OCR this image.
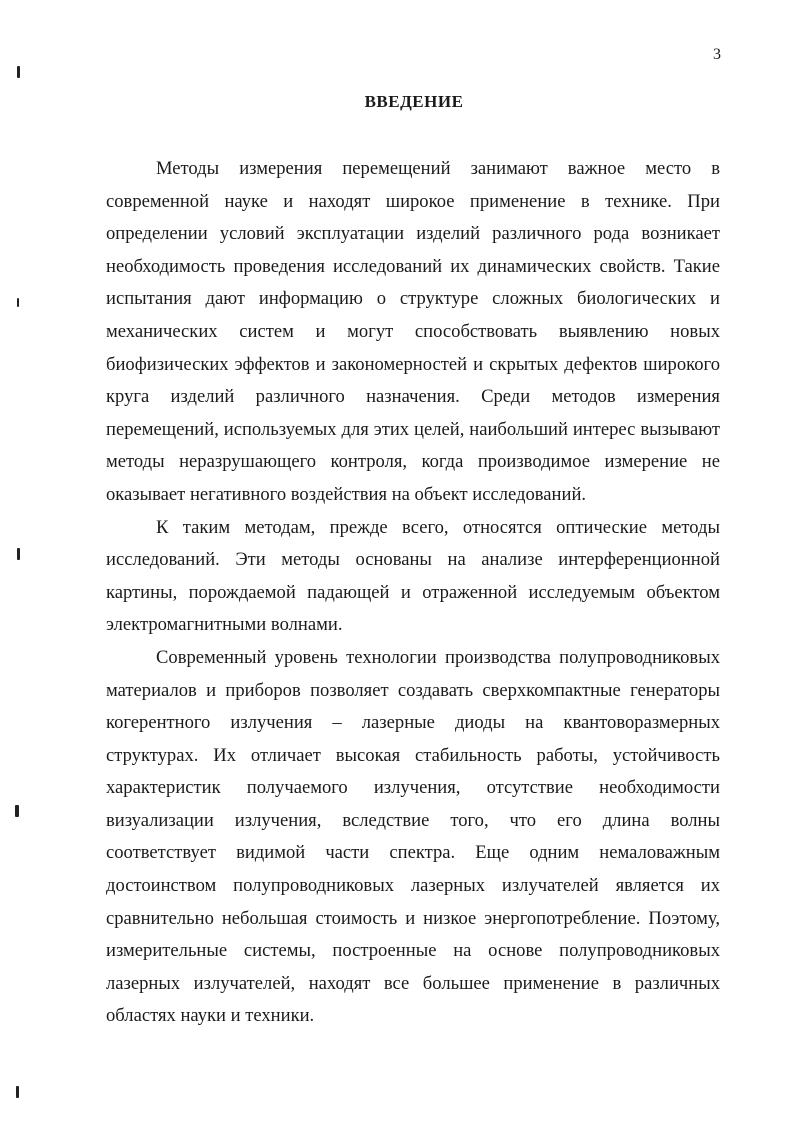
3
ВВЕДЕНИЕ

Методы измерения перемещений занимают важное место в современной науке и находят широкое применение в технике. При определении условий эксплуатации изделий различного рода возникает необходимость проведения исследований их динамических свойств. Такие испытания дают информацию о структуре сложных биологических и механических систем и могут способствовать выявлению новых биофизических эффектов и закономерностей и скрытых дефектов широкого круга изделий различного назначения. Среди методов измерения перемещений, используемых для этих целей, наибольший интерес вызывают методы неразрушающего контроля, когда производимое измерение не оказывает негативного воздействия на объект исследований.

К таким методам, прежде всего, относятся оптические методы исследований. Эти методы основаны на анализе интерференционной картины, порождаемой падающей и отраженной исследуемым объектом электромагнитными волнами.

Современный уровень технологии производства полупроводниковых материалов и приборов позволяет создавать сверхкомпактные генераторы когерентного излучения – лазерные диоды на квантоворазмерных структурах. Их отличает высокая стабильность работы, устойчивость характеристик получаемого излучения, отсутствие необходимости визуализации излучения, вследствие того, что его длина волны соответствует видимой части спектра. Еще одним немаловажным достоинством полупроводниковых лазерных излучателей является их сравнительно небольшая стоимость и низкое энергопотребление. Поэтому, измерительные системы, построенные на основе полупроводниковых лазерных излучателей, находят все большее применение в различных областях науки и техники.
